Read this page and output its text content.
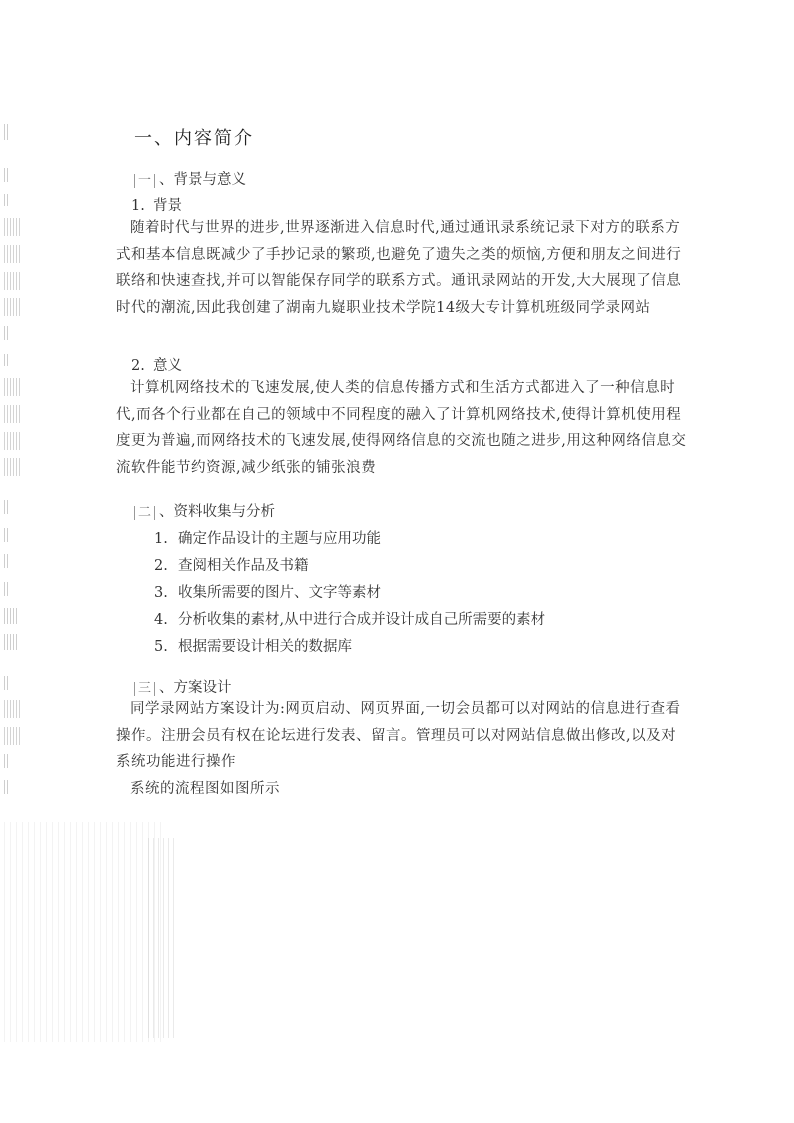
一、内容简介
一 、背景与意义
1. 背景
随着时代与世界的进步,世界逐渐进入信息时代,通过通讯录系统记录下对方的联系方式和基本信息既减少了手抄记录的繁琐,也避免了遗失之类的烦恼,方便和朋友之间进行联络和快速查找,并可以智能保存同学的联系方式。通讯录网站的开发,大大展现了信息时代的潮流,因此我创建了湖南九嶷职业技术学院14级大专计算机班级同学录网站
2. 意义
计算机网络技术的飞速发展,使人类的信息传播方式和生活方式都进入了一种信息时代,而各个行业都在自己的领域中不同程度的融入了计算机网络技术,使得计算机使用程度更为普遍,而网络技术的飞速发展,使得网络信息的交流也随之进步,用这种网络信息交流软件能节约资源,减少纸张的铺张浪费
二 、资料收集与分析
1. 确定作品设计的主题与应用功能
2. 查阅相关作品及书籍
3. 收集所需要的图片、文字等素材
4. 分析收集的素材,从中进行合成并设计成自己所需要的素材
5. 根据需要设计相关的数据库
三 、方案设计
同学录网站方案设计为:网页启动、网页界面,一切会员都可以对网站的信息进行查看操作。注册会员有权在论坛进行发表、留言。管理员可以对网站信息做出修改,以及对系统功能进行操作
系统的流程图如图所示
